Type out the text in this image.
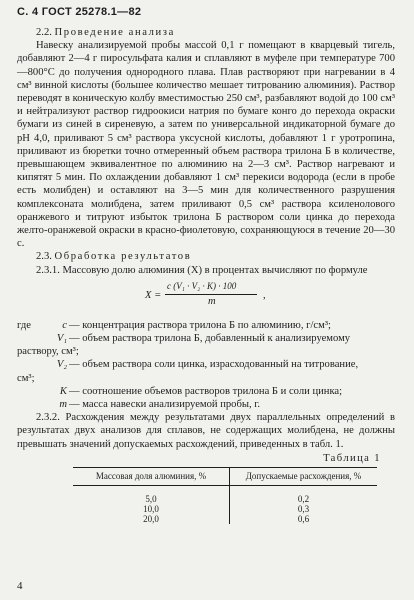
С. 4 ГОСТ 25278.1—82

2.2. Проведение анализа

Навеску анализируемой пробы массой 0,1 г помещают в кварцевый тигель, добавляют 2—4 г пиросульфата калия и сплавляют в муфеле при температуре 700—800°С до получения однородного плава. Плав растворяют при нагревании в 4 см³ винной кислоты (большее количество мешает титрованию алюминия). Раствор переводят в коническую колбу вместимостью 250 см³, разбавляют водой до 100 см³ и нейтрализуют раствор гидроокиси натрия по бумаге конго до перехода окраски бумаги из синей в сиреневую, а затем по универсальной индикаторной бумаге до pH 4,0, приливают 5 см³ раствора уксусной кислоты, добавляют 1 г уротропина, приливают из бюретки точно отмеренный объем раствора трилона Б в количестве, превышающем эквивалентное по алюминию на 2—3 см³. Раствор нагревают и кипятят 5 мин. По охлаждении добавляют 1 см³ перекиси водорода (если в пробе есть молибден) и оставляют на 3—5 мин для количественного разрушения комплексоната молибдена, затем приливают 0,5 см³ раствора ксиленолового оранжевого и титруют избыток трилона Б раствором соли цинка до перехода желто-оранжевой окраски в красно-фиолетовую, сохраняющуюся в течение 20—30 с.

2.3. Обработка результатов

2.3.1. Массовую долю алюминия (X) в процентах вычисляют по формуле

X =
c (V₁ · V₂ · K) · 100
m
,
где	c — концентрация раствора трилона Б по алюминию, г/см³;
V₁ — объем раствора трилона Б, добавленный к анализируемому
раствору, см³;
V₂ — объем раствора соли цинка, израсходованный на титрование,
см³;
K — соотношение объемов растворов трилона Б и соли цинка;
m — масса навески анализируемой пробы, г.

2.3.2. Расхождения между результатами двух параллельных определений в результатах двух анализов для сплавов, не содержащих молибдена, не должны превышать значений допускаемых расхождений, приведенных в табл. 1.

Таблица 1
Массовая доля алюминия, %	Допускаемые расхождения, %
5,0	0,2
10,0	0,3
20,0	0,6
4
